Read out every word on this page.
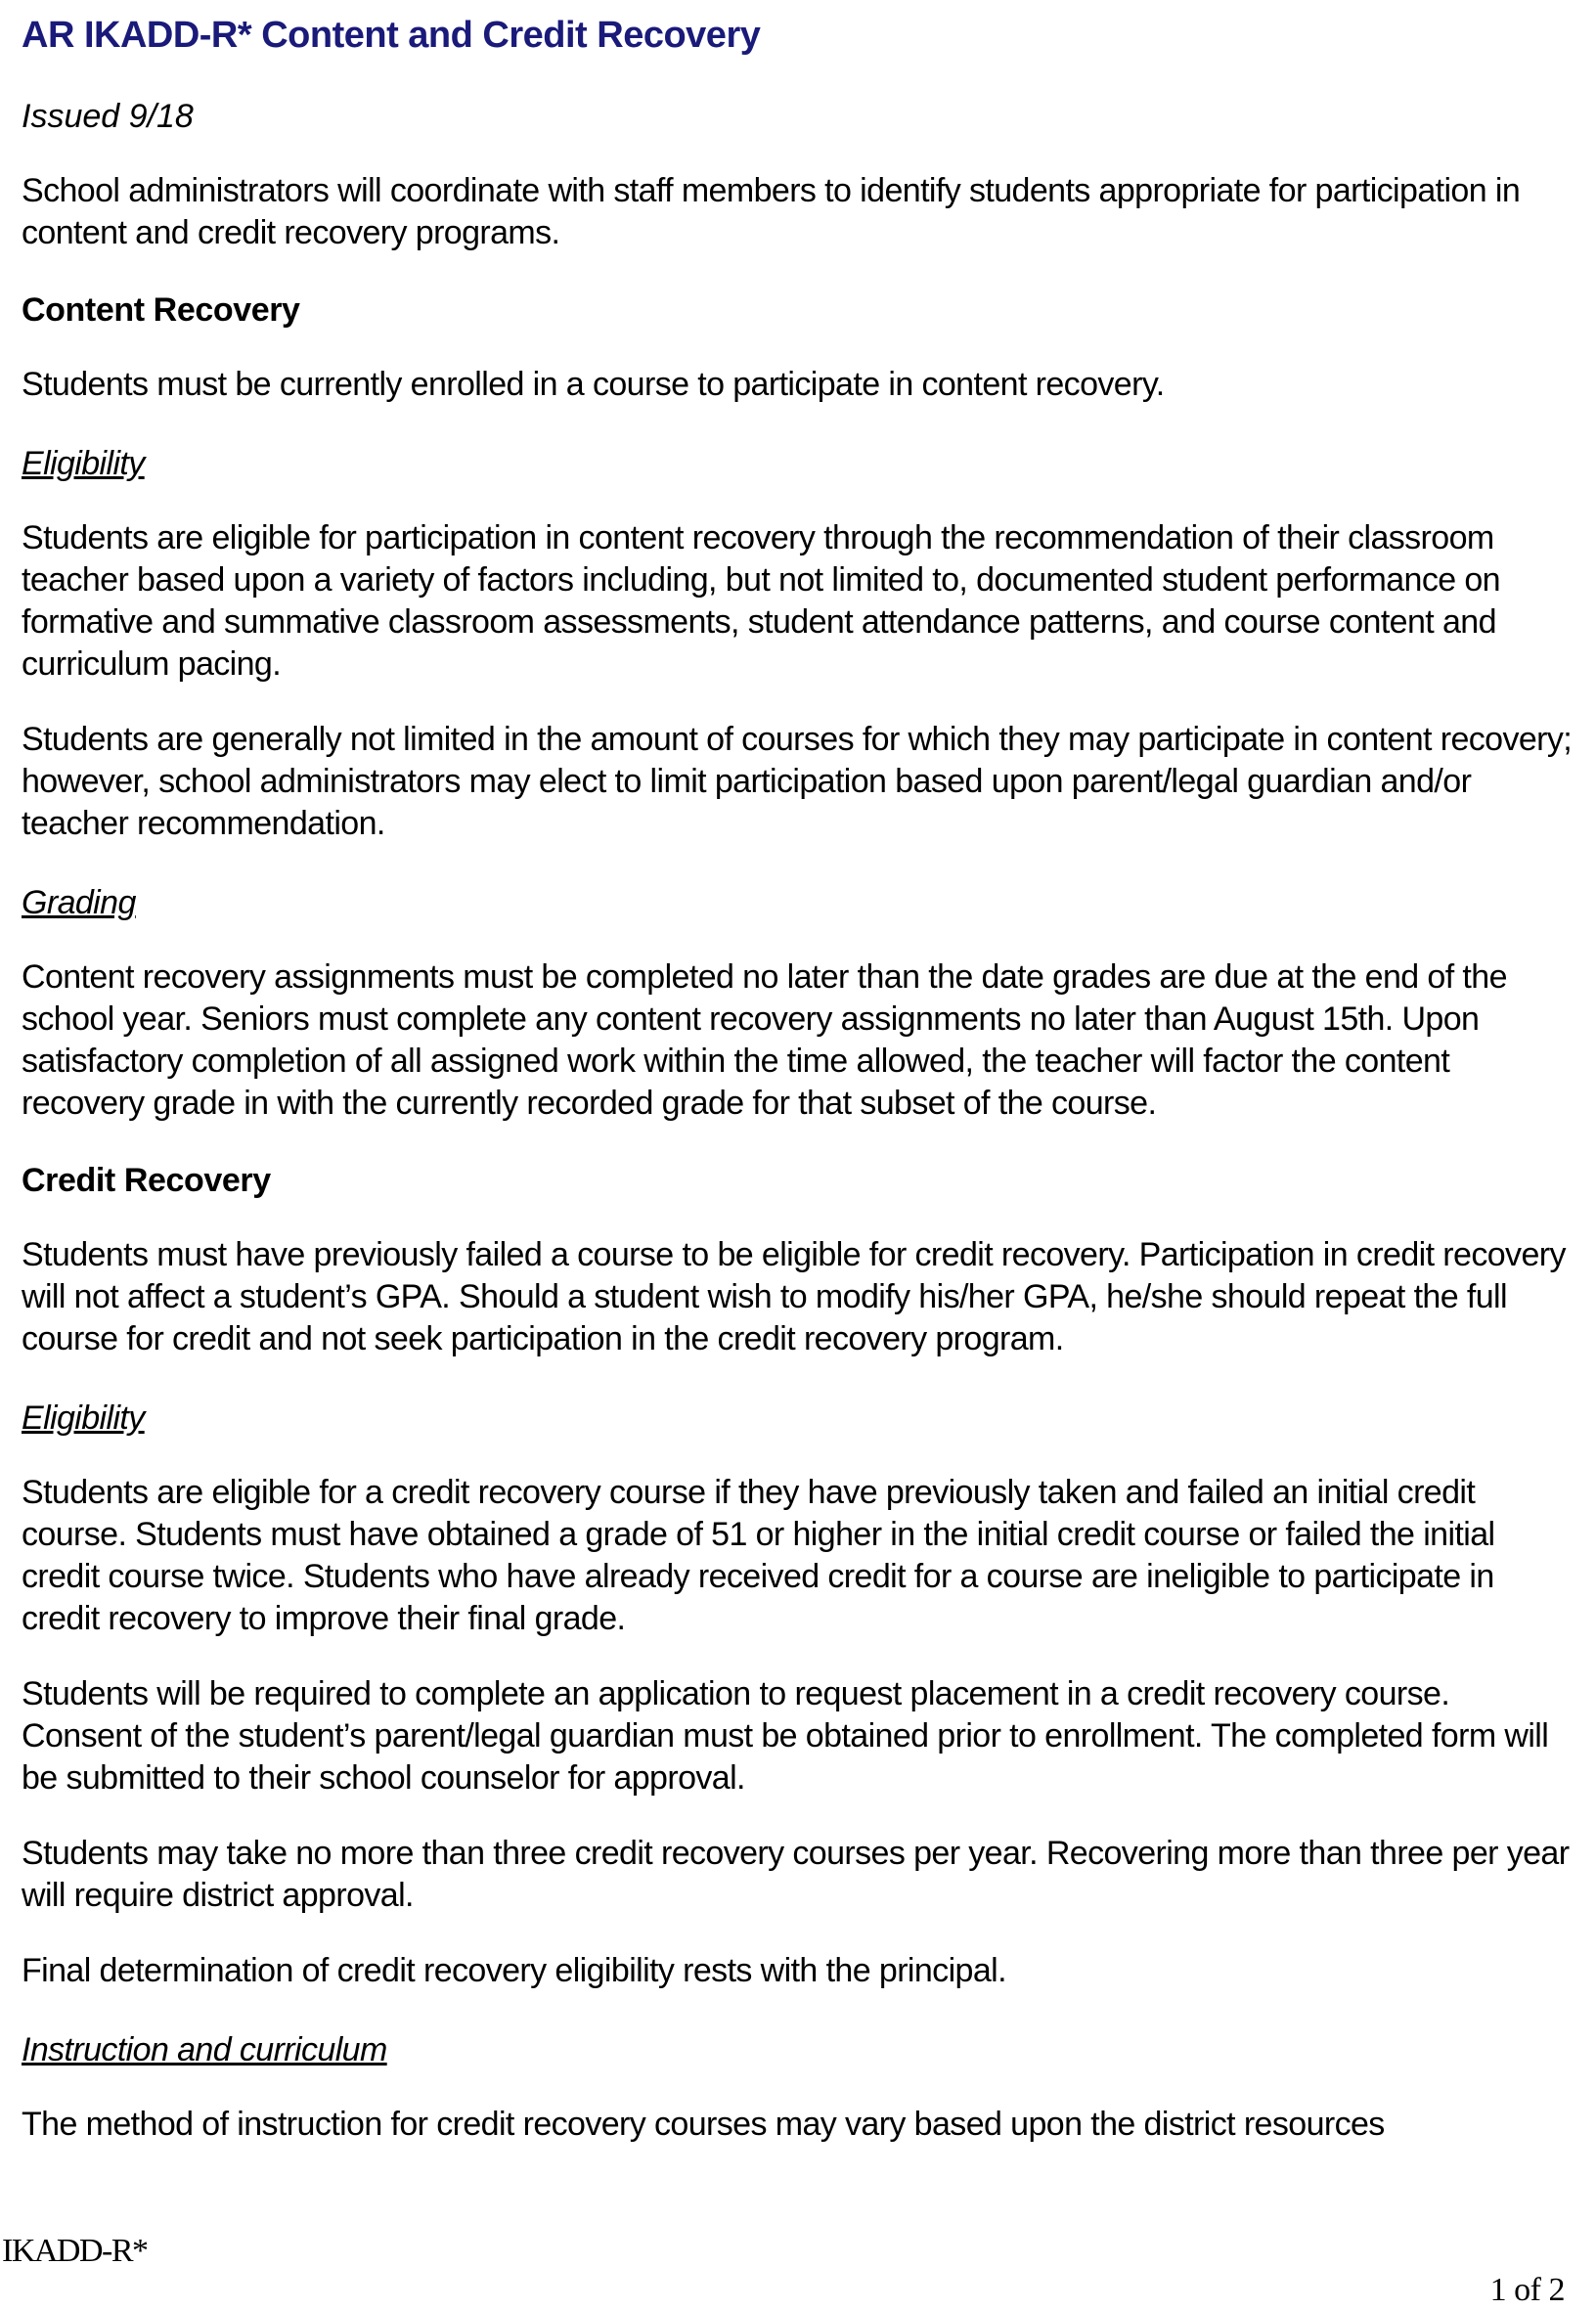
AR IKADD-R* Content and Credit Recovery
Issued 9/18

School administrators will coordinate with staff members to identify students appropriate for participation in content and credit recovery programs.

Content Recovery

Students must be currently enrolled in a course to participate in content recovery.

Eligibility

Students are eligible for participation in content recovery through the recommendation of their classroom teacher based upon a variety of factors including, but not limited to, documented student performance on formative and summative classroom assessments, student attendance patterns, and course content and curriculum pacing.

Students are generally not limited in the amount of courses for which they may participate in content recovery; however, school administrators may elect to limit participation based upon parent/legal guardian and/or teacher recommendation.

Grading

Content recovery assignments must be completed no later than the date grades are due at the end of the school year. Seniors must complete any content recovery assignments no later than August 15th. Upon satisfactory completion of all assigned work within the time allowed, the teacher will factor the content recovery grade in with the currently recorded grade for that subset of the course.

Credit Recovery

Students must have previously failed a course to be eligible for credit recovery. Participation in credit recovery will not affect a student’s GPA. Should a student wish to modify his/her GPA, he/she should repeat the full course for credit and not seek participation in the credit recovery program.

Eligibility

Students are eligible for a credit recovery course if they have previously taken and failed an initial credit course. Students must have obtained a grade of 51 or higher in the initial credit course or failed the initial credit course twice. Students who have already received credit for a course are ineligible to participate in credit recovery to improve their final grade.

Students will be required to complete an application to request placement in a credit recovery course. Consent of the student’s parent/legal guardian must be obtained prior to enrollment. The completed form will be submitted to their school counselor for approval.

Students may take no more than three credit recovery courses per year. Recovering more than three per year will require district approval.

Final determination of credit recovery eligibility rests with the principal.

Instruction and curriculum

The method of instruction for credit recovery courses may vary based upon the district resources

IKADD-R*
1 of 2
